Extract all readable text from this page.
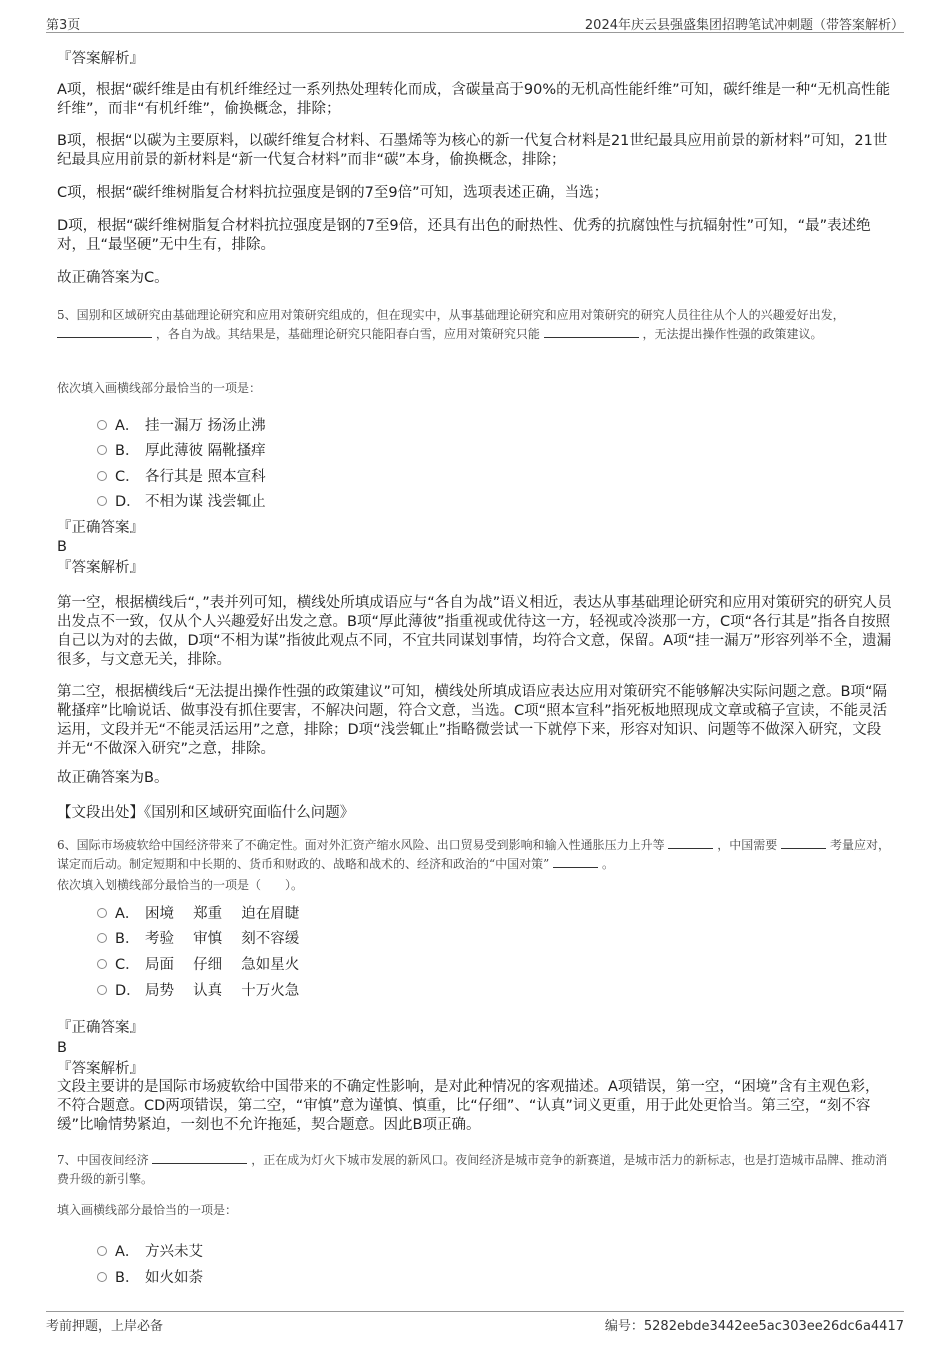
第3页	2024年庆云县强盛集团招聘笔试冲刺题（带答案解析）
『答案解析』
A项，根据“碳纤维是由有机纤维经过一系列热处理转化而成，含碳量高于90%的无机高性能纤维”可知，碳纤维是一种“无机高性能纤维”，而非“有机纤维”，偷换概念，排除；
B项，根据“以碳为主要原料，以碳纤维复合材料、石墨烯等为核心的新一代复合材料是21世纪最具应用前景的新材料”可知，21世纪最具应用前景的新材料是“新一代复合材料”而非“碳”本身，偷换概念，排除；
C项，根据“碳纤维树脂复合材料抗拉强度是钢的7至9倍”可知，选项表述正确，当选；
D项，根据“碳纤维树脂复合材料抗拉强度是钢的7至9倍，还具有出色的耐热性、优秀的抗腐蚀性与抗辐射性”可知，“最”表述绝对，且“最坚硬”无中生有，排除。
故正确答案为C。
5、国别和区域研究由基础理论研究和应用对策研究组成的，但在现实中，从事基础理论研究和应用对策研究的研究人员往往从个人的兴趣爱好出发，  ，各自为战。其结果是，基础理论研究只能阳春白雪，应用对策研究只能	，无法提出操作性强的政策建议。
依次填入画横线部分最恰当的一项是：
A． 挂一漏万 扬汤止沸
B． 厚此薄彼 隔靴搔痒
C． 各行其是 照本宣科
D． 不相为谋 浅尝辄止
『正确答案』
B
『答案解析』
第一空，根据横线后“，”表并列可知，横线处所填成语应与“各自为战”语义相近，表达从事基础理论研究和应用对策研究的研究人员出发点不一致，仅从个人兴趣爱好出发之意。B项“厚此薄彼”指重视或优待这一方，轻视或冷淡那一方，C项“各行其是”指各自按照自己以为对的去做，D项“不相为谋”指彼此观点不同，不宜共同谋划事情，均符合文意，保留。A项“挂一漏万”形容列举不全，遗漏很多，与文意无关，排除。
第二空，根据横线后“无法提出操作性强的政策建议”可知，横线处所填成语应表达应用对策研究不能够解决实际问题之意。B项“隔靴搔痒”比喻说话、做事没有抓住要害，不解决问题，符合文意，当选。C项“照本宣科”指死板地照现成文章或稿子宣读，不能灵活运用，文段并无“不能灵活运用”之意，排除；D项“浅尝辄止”指略微尝试一下就停下来，形容对知识、问题等不做深入研究，文段并无“不做深入研究”之意，排除。
故正确答案为B。
【文段出处】《国别和区域研究面临什么问题》
6、国际市场疲软给中国经济带来了不确定性。面对外汇资产缩水风险、出口贸易受到影响和输入性通胀压力上升等	，中国需要	考量应对，谋定而后动。制定短期和中长期的、货币和财政的、战略和战术的、经济和政治的“中国对策”	。
依次填入划横线部分最恰当的一项是（　　）。
A． 困境　 郑重　 迫在眉睫
B． 考验　 审慎　 刻不容缓
C． 局面　 仔细　 急如星火
D． 局势　 认真　 十万火急
『正确答案』
B
『答案解析』
文段主要讲的是国际市场疲软给中国带来的不确定性影响，是对此种情况的客观描述。A项错误，第一空，“困境”含有主观色彩，不符合题意。CD两项错误，第二空，“审慎”意为谨慎、慎重，比“仔细”、“认真”词义更重，用于此处更恰当。第三空，“刻不容缓”比喻情势紧迫，一刻也不允许拖延，契合题意。因此B项正确。
7、中国夜间经济	，正在成为灯火下城市发展的新风口。夜间经济是城市竞争的新赛道，是城市活力的新标志，也是打造城市品牌、推动消费升级的新引擎。
填入画横线部分最恰当的一项是：
A． 方兴未艾
B． 如火如荼
考前押题，上岸必备	编号：5282ebde3442ee5ac303ee26dc6a4417
